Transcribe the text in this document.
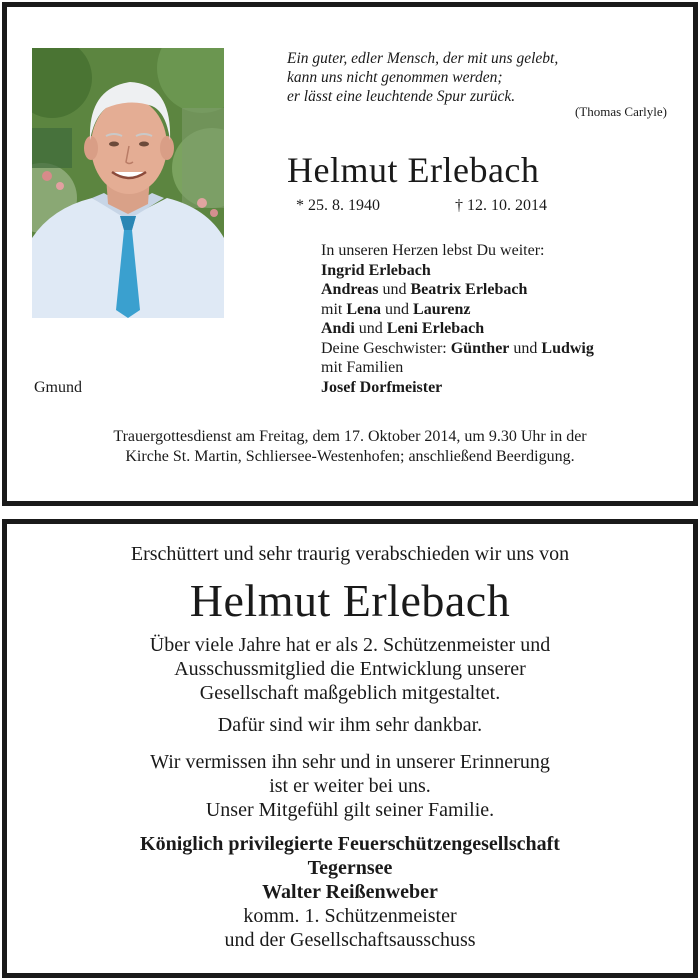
Ein guter, edler Mensch, der mit uns gelebt,
kann uns nicht genommen werden;
er lässt eine leuchtende Spur zurück.
(Thomas Carlyle)
Helmut Erlebach
* 25. 8. 1940	† 12. 10. 2014
In unseren Herzen lebst Du weiter:
Ingrid Erlebach
Andreas und Beatrix Erlebach
mit Lena und Laurenz
Andi und Leni Erlebach
Deine Geschwister: Günther und Ludwig
mit Familien
Josef Dorfmeister
Gmund
Trauergottesdienst am Freitag, dem 17. Oktober 2014, um 9.30 Uhr in der
Kirche St. Martin, Schliersee-Westenhofen; anschließend Beerdigung.
Erschüttert und sehr traurig verabschieden wir uns von
Helmut Erlebach
Über viele Jahre hat er als 2. Schützenmeister und
Ausschussmitglied die Entwicklung unserer
Gesellschaft maßgeblich mitgestaltet.
Dafür sind wir ihm sehr dankbar.
Wir vermissen ihn sehr und in unserer Erinnerung
ist er weiter bei uns.
Unser Mitgefühl gilt seiner Familie.
Königlich privilegierte Feuerschützengesellschaft
Tegernsee
Walter Reißenweber
komm. 1. Schützenmeister
und der Gesellschaftsausschuss
